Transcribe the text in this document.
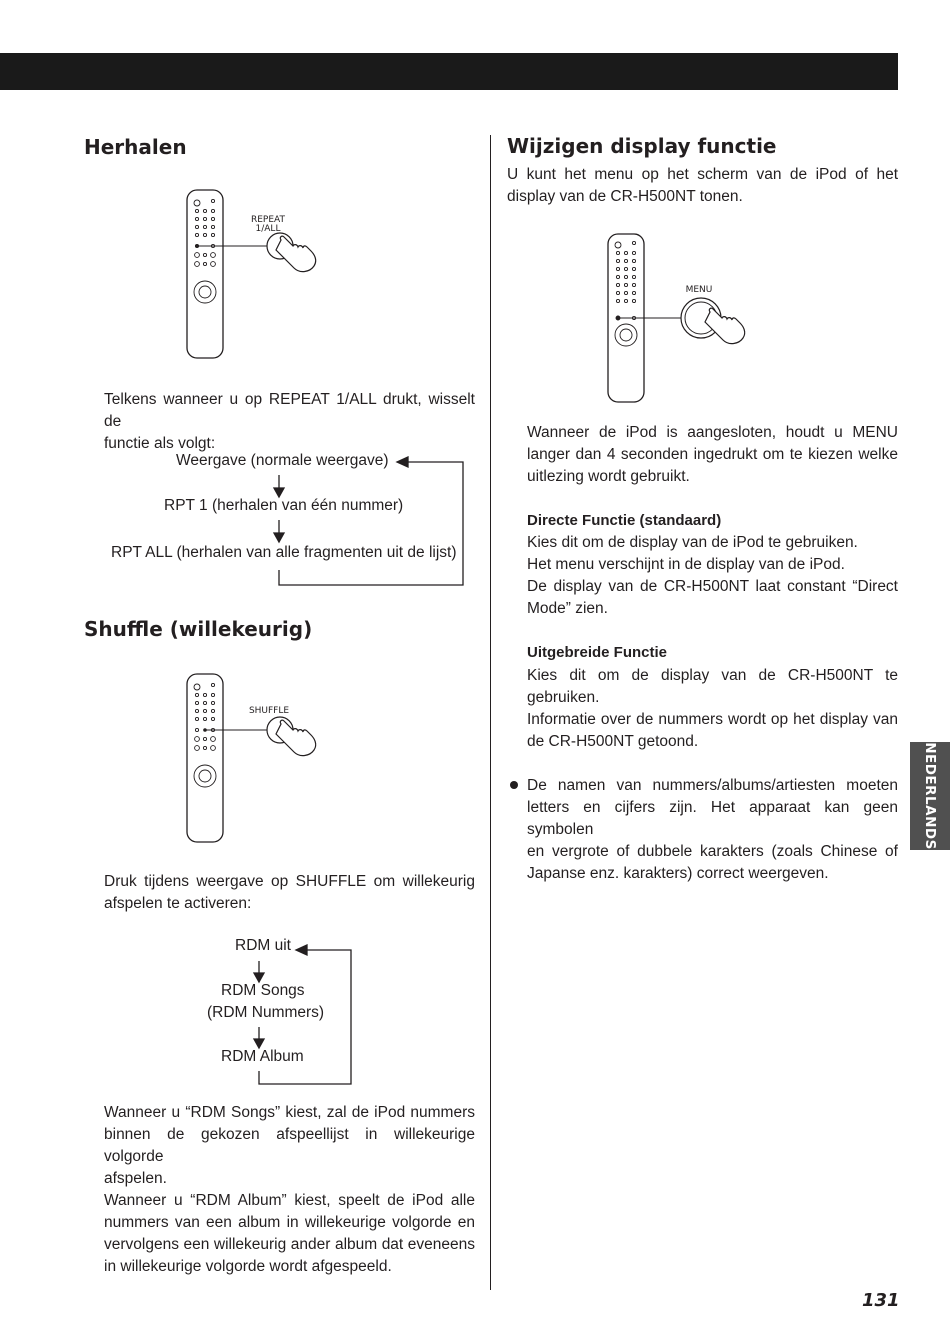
Herhalen
REPEAT
1/ALL

Telkens wanneer u op REPEAT 1/ALL drukt, wisselt de
functie als volgt:

Weergave (normale weergave)
RPT 1 (herhalen van één nummer)
RPT ALL (herhalen van alle fragmenten uit de lijst)
Shuffle (willekeurig)
SHUFFLE

Druk tijdens weergave op SHUFFLE om willekeurig
afspelen te activeren:

RDM uit
RDM Songs
(RDM Nummers)
RDM Album

Wanneer u “RDM Songs” kiest, zal de iPod nummers
binnen de gekozen afspeellijst in willekeurige volgorde
afspelen.
Wanneer u “RDM Album” kiest, speelt de iPod alle
nummers van een album in willekeurige volgorde en
vervolgens een willekeurig ander album dat eveneens
in willekeurige volgorde wordt afgespeeld.

Wijzigen display functie

U kunt het menu op het scherm van de iPod of het
display van de CR-H500NT tonen.

MENU

Wanneer de iPod is aangesloten, houdt u MENU
langer dan 4 seconden ingedrukt om te kiezen welke
uitlezing wordt gebruikt.

Directe Functie (standaard)

Kies dit om de display van de iPod te gebruiken.
Het menu verschijnt in de display van de iPod.
De display van de CR-H500NT laat constant “Direct
Mode” zien.

Uitgebreide Functie

Kies dit om de display van de CR-H500NT te
gebruiken.
Informatie over de nummers wordt op het display van
de CR-H500NT getoond.

De namen van nummers/albums/artiesten moeten
letters en cijfers zijn. Het apparaat kan geen symbolen
en vergrote of dubbele karakters (zoals Chinese of
Japanse enz. karakters) correct weergeven.

NEDERLANDS
131
